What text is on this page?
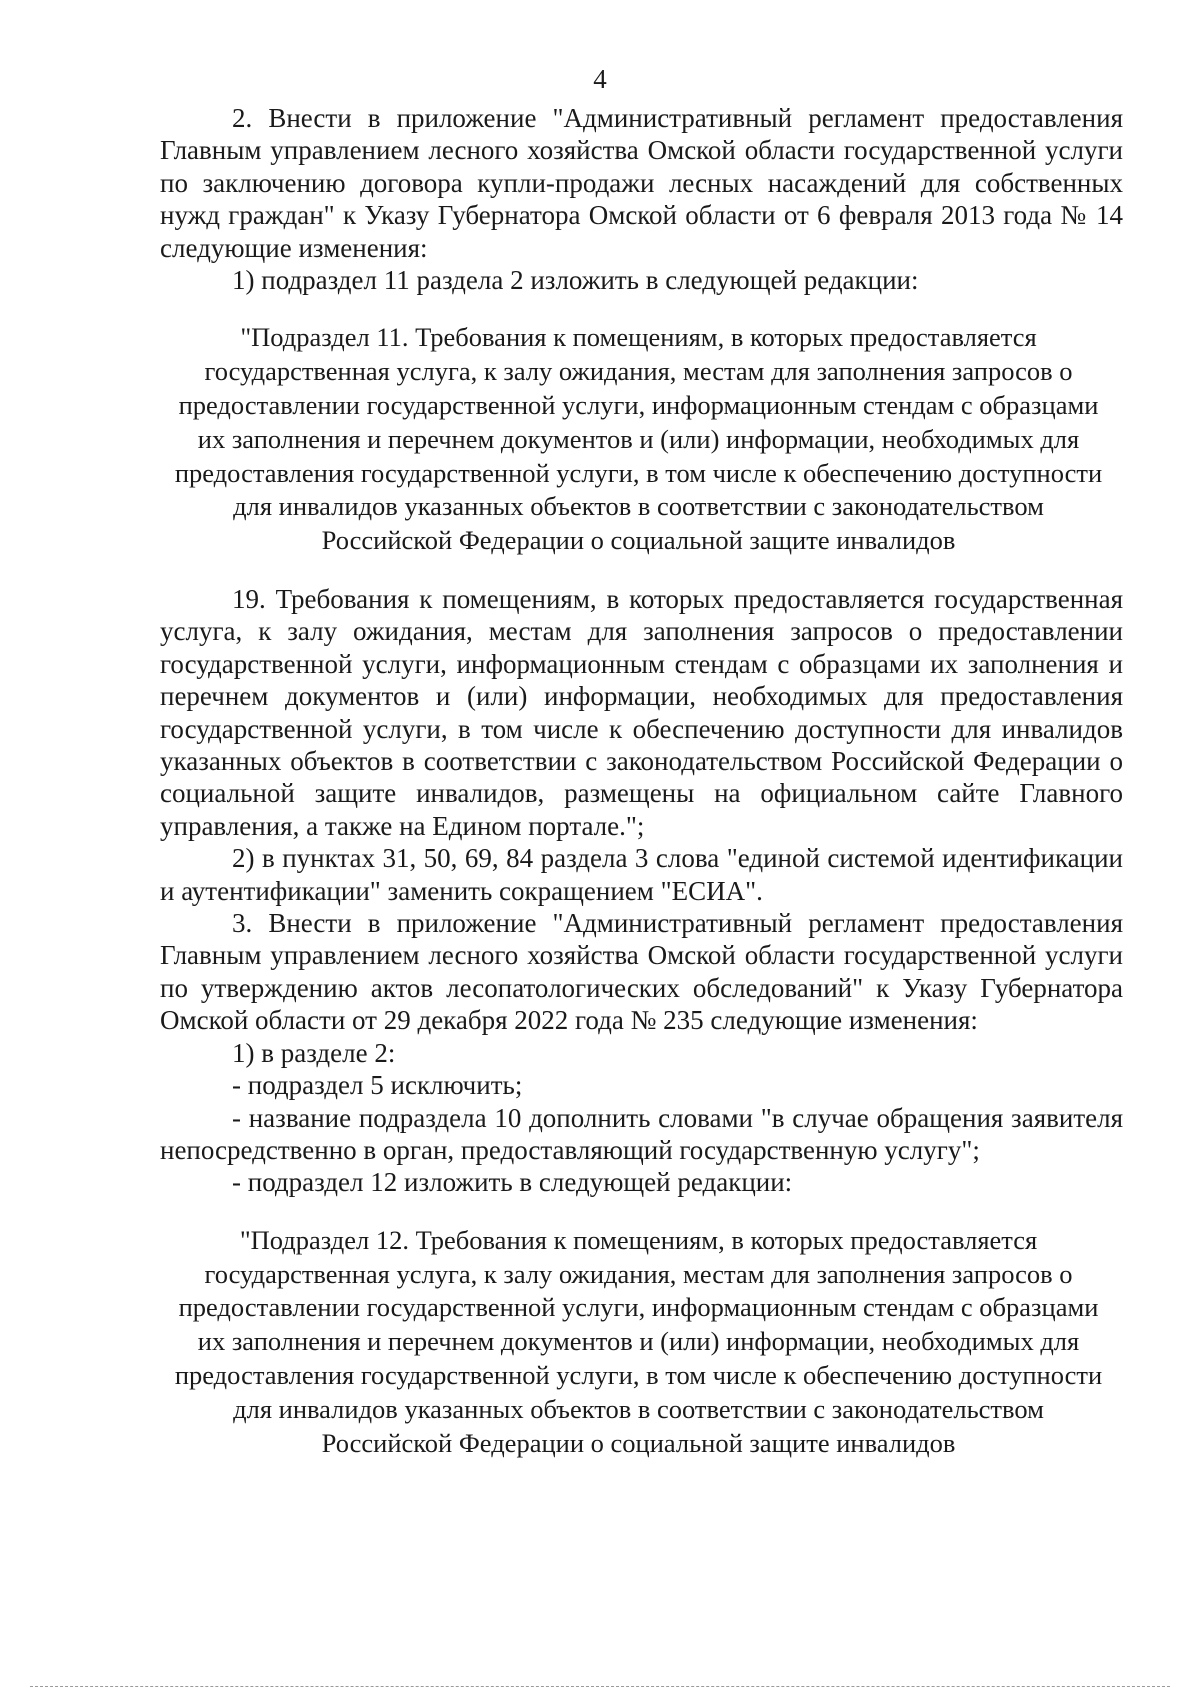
4

2. Внести в приложение "Административный регламент предоставления Главным управлением лесного хозяйства Омской области государственной услуги по заключению договора купли-продажи лесных насаждений для собственных нужд граждан" к Указу Губернатора Омской области от 6 февраля 2013 года № 14 следующие изменения:

1) подраздел 11 раздела 2 изложить в следующей редакции:

"Подраздел 11. Требования к помещениям, в которых предоставляется государственная услуга, к залу ожидания, местам для заполнения запросов о предоставлении государственной услуги, информационным стендам с образцами их заполнения и перечнем документов и (или) информации, необходимых для предоставления государственной услуги, в том числе к обеспечению доступности для инвалидов указанных объектов в соответствии с законодательством Российской Федерации о социальной защите инвалидов

19. Требования к помещениям, в которых предоставляется государственная услуга, к залу ожидания, местам для заполнения запросов о предоставлении государственной услуги, информационным стендам с образцами их заполнения и перечнем документов и (или) информации, необходимых для предоставления государственной услуги, в том числе к обеспечению доступности для инвалидов указанных объектов в соответствии с законодательством Российской Федерации о социальной защите инвалидов, размещены на официальном сайте Главного управления, а также на Едином портале.";

2) в пунктах 31, 50, 69, 84 раздела 3 слова "единой системой идентификации и аутентификации" заменить сокращением "ЕСИА".

3. Внести в приложение "Административный регламент предоставления Главным управлением лесного хозяйства Омской области государственной услуги по утверждению актов лесопатологических обследований" к Указу Губернатора Омской области от 29 декабря 2022 года № 235 следующие изменения:

1) в разделе 2:

- подраздел 5 исключить;

- название подраздела 10 дополнить словами "в случае обращения заявителя непосредственно в орган, предоставляющий государственную услугу";

- подраздел 12 изложить в следующей редакции:

"Подраздел 12. Требования к помещениям, в которых предоставляется государственная услуга, к залу ожидания, местам для заполнения запросов о предоставлении государственной услуги, информационным стендам с образцами их заполнения и перечнем документов и (или) информации, необходимых для предоставления государственной услуги, в том числе к обеспечению доступности для инвалидов указанных объектов в соответствии с законодательством Российской Федерации о социальной защите инвалидов
